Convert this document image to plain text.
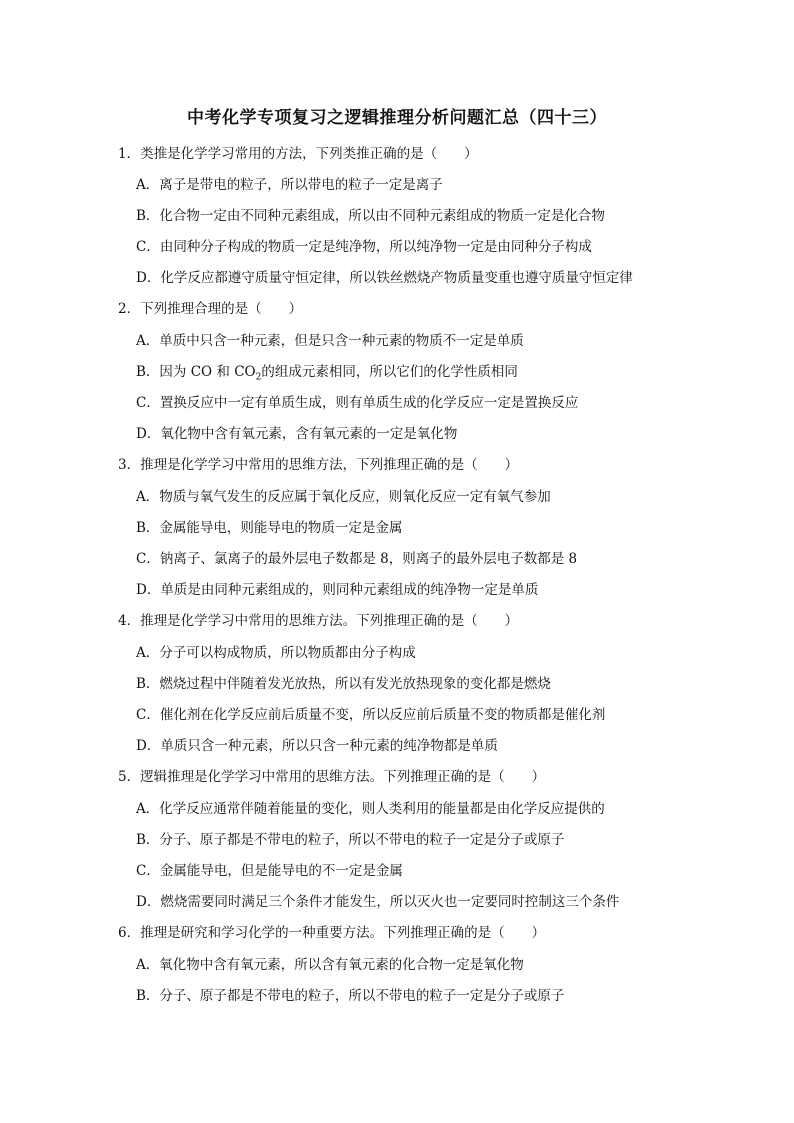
中考化学专项复习之逻辑推理分析问题汇总（四十三）
1．类推是化学学习常用的方法，下列类推正确的是（　　）
A．离子是带电的粒子，所以带电的粒子一定是离子
B．化合物一定由不同种元素组成，所以由不同种元素组成的物质一定是化合物
C．由同种分子构成的物质一定是纯净物，所以纯净物一定是由同种分子构成
D．化学反应都遵守质量守恒定律，所以铁丝燃烧产物质量变重也遵守质量守恒定律
2．下列推理合理的是（　　）
A．单质中只含一种元素，但是只含一种元素的物质不一定是单质
B．因为 CO 和 $CO_2$的组成元素相同，所以它们的化学性质相同
C．置换反应中一定有单质生成，则有单质生成的化学反应一定是置换反应
D．氧化物中含有氧元素，含有氧元素的一定是氧化物
3．推理是化学学习中常用的思维方法，下列推理正确的是（　　）
A．物质与氧气发生的反应属于氧化反应，则氧化反应一定有氧气参加
B．金属能导电，则能导电的物质一定是金属
C．钠离子、氯离子的最外层电子数都是 8，则离子的最外层电子数都是 8
D．单质是由同种元素组成的，则同种元素组成的纯净物一定是单质
4．推理是化学学习中常用的思维方法。下列推理正确的是（　　）
A．分子可以构成物质，所以物质都由分子构成
B．燃烧过程中伴随着发光放热，所以有发光放热现象的变化都是燃烧
C．催化剂在化学反应前后质量不变，所以反应前后质量不变的物质都是催化剂
D．单质只含一种元素，所以只含一种元素的纯净物都是单质
5．逻辑推理是化学学习中常用的思维方法。下列推理正确的是（　　）
A．化学反应通常伴随着能量的变化，则人类利用的能量都是由化学反应提供的
B．分子、原子都是不带电的粒子，所以不带电的粒子一定是分子或原子
C．金属能导电，但是能导电的不一定是金属
D．燃烧需要同时满足三个条件才能发生，所以灭火也一定要同时控制这三个条件
6．推理是研究和学习化学的一种重要方法。下列推理正确的是（　　）
A．氧化物中含有氧元素，所以含有氧元素的化合物一定是氧化物
B．分子、原子都是不带电的粒子，所以不带电的粒子一定是分子或原子
